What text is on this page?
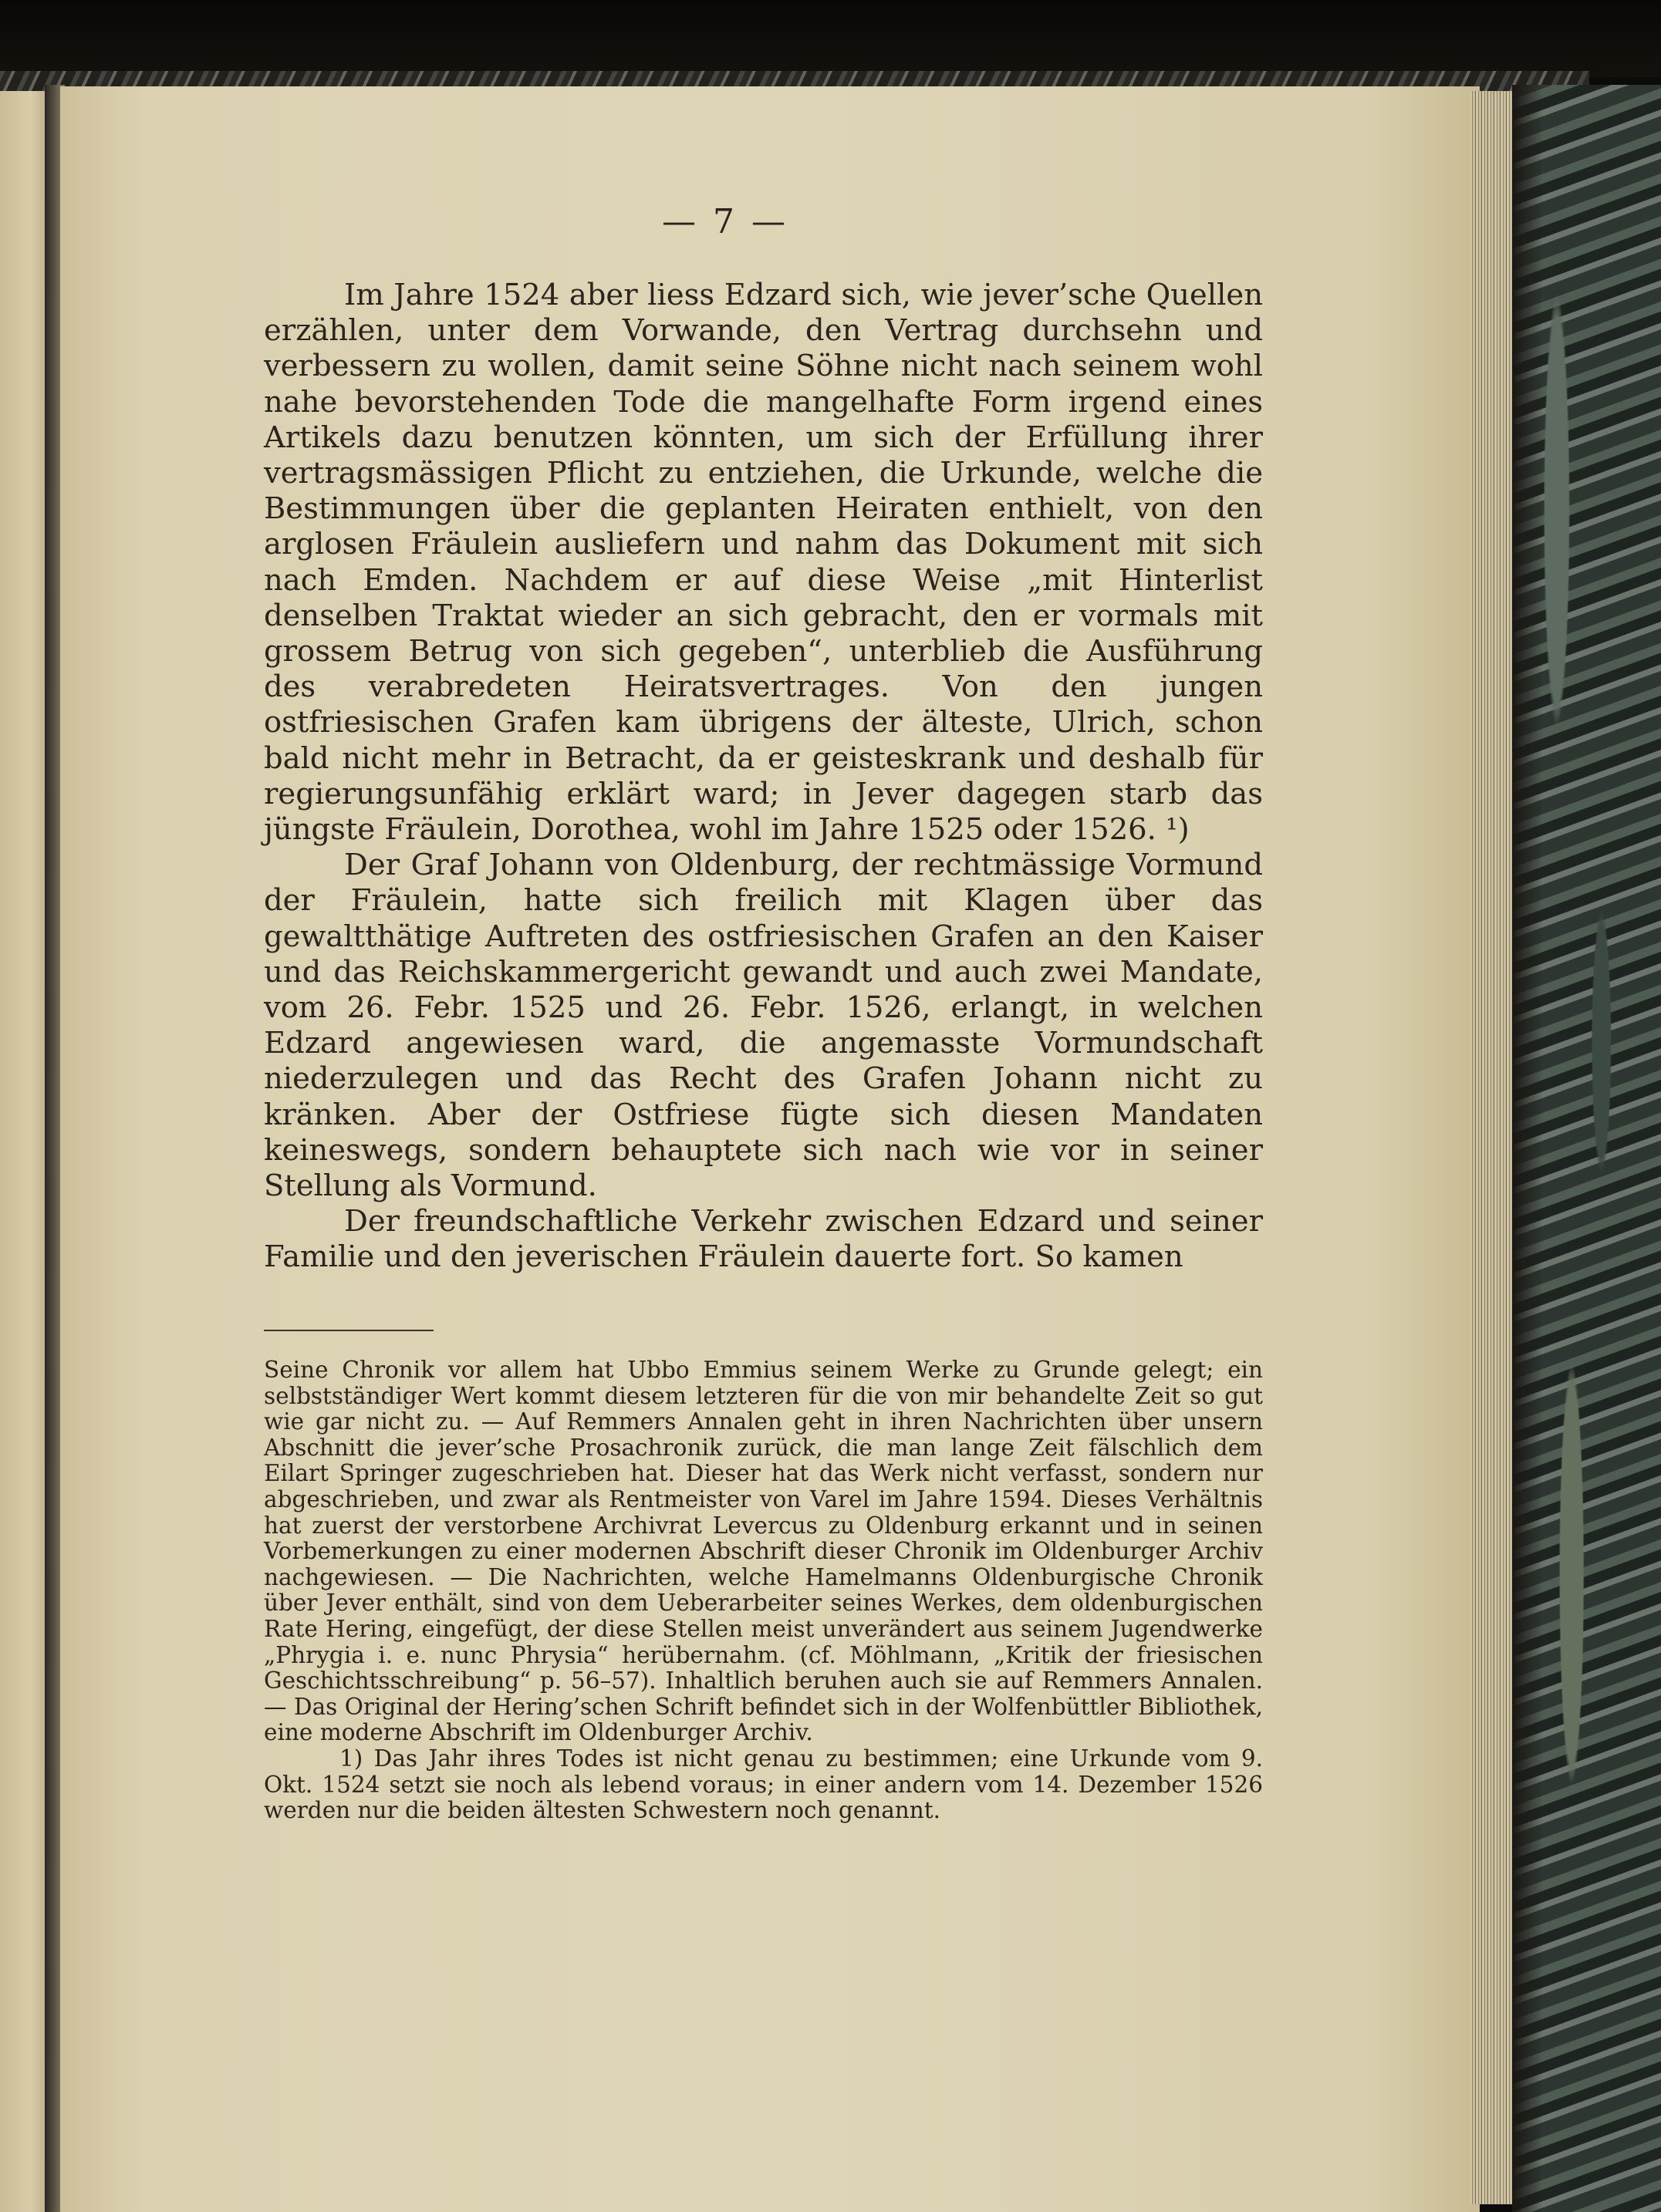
— 7 —

Im Jahre 1524 aber liess Edzard sich, wie jever’sche Quellen erzählen, unter dem Vorwande, den Vertrag durchsehn und verbessern zu wollen, damit seine Söhne nicht nach seinem wohl nahe bevorstehenden Tode die mangelhafte Form irgend eines Artikels dazu benutzen könnten, um sich der Erfüllung ihrer vertragsmässigen Pflicht zu entziehen, die Urkunde, welche die Bestimmungen über die geplanten Heiraten enthielt, von den arglosen Fräulein ausliefern und nahm das Dokument mit sich nach Emden. Nachdem er auf diese Weise „mit Hinterlist denselben Traktat wieder an sich gebracht, den er vormals mit grossem Betrug von sich gegeben“, unterblieb die Ausführung des verabredeten Heiratsvertrages. Von den jungen ostfriesischen Grafen kam übrigens der älteste, Ulrich, schon bald nicht mehr in Betracht, da er geisteskrank und deshalb für regierungsunfähig erklärt ward; in Jever dagegen starb das jüngste Fräulein, Dorothea, wohl im Jahre 1525 oder 1526. ¹)

Der Graf Johann von Oldenburg, der rechtmässige Vormund der Fräulein, hatte sich freilich mit Klagen über das gewaltthätige Auftreten des ostfriesischen Grafen an den Kaiser und das Reichskammergericht gewandt und auch zwei Mandate, vom 26. Febr. 1525 und 26. Febr. 1526, erlangt, in welchen Edzard angewiesen ward, die angemasste Vormundschaft niederzulegen und das Recht des Grafen Johann nicht zu kränken. Aber der Ostfriese fügte sich diesen Mandaten keineswegs, sondern behauptete sich nach wie vor in seiner Stellung als Vormund.

Der freundschaftliche Verkehr zwischen Edzard und seiner Familie und den jeverischen Fräulein dauerte fort. So kamen

Seine Chronik vor allem hat Ubbo Emmius seinem Werke zu Grunde gelegt; ein selbstständiger Wert kommt diesem letzteren für die von mir behandelte Zeit so gut wie gar nicht zu. — Auf Remmers Annalen geht in ihren Nachrichten über unsern Abschnitt die jever’sche Prosachronik zurück, die man lange Zeit fälschlich dem Eilart Springer zugeschrieben hat. Dieser hat das Werk nicht verfasst, sondern nur abgeschrieben, und zwar als Rentmeister von Varel im Jahre 1594. Dieses Verhältnis hat zuerst der verstorbene Archivrat Levercus zu Oldenburg erkannt und in seinen Vorbemerkungen zu einer modernen Abschrift dieser Chronik im Oldenburger Archiv nachgewiesen. — Die Nachrichten, welche Hamelmanns Oldenburgische Chronik über Jever enthält, sind von dem Ueberarbeiter seines Werkes, dem oldenburgischen Rate Hering, eingefügt, der diese Stellen meist unverändert aus seinem Jugendwerke „Phrygia i. e. nunc Phrysia“ herübernahm. (cf. Möhlmann, „Kritik der friesischen Geschichtsschreibung“ p. 56–57). Inhaltlich beruhen auch sie auf Remmers Annalen. — Das Original der Hering’schen Schrift befindet sich in der Wolfenbüttler Bibliothek, eine moderne Abschrift im Oldenburger Archiv.

1) Das Jahr ihres Todes ist nicht genau zu bestimmen; eine Urkunde vom 9. Okt. 1524 setzt sie noch als lebend voraus; in einer andern vom 14. Dezember 1526 werden nur die beiden ältesten Schwestern noch genannt.
